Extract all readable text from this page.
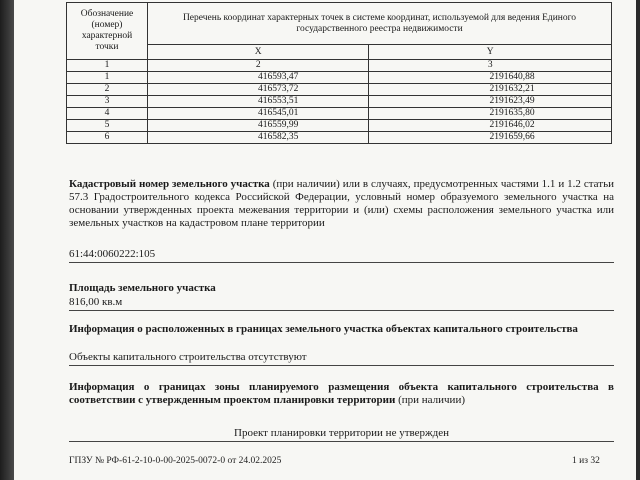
Обозначение (номер) характерной точки	Перечень координат характерных точек в системе координат, используемой для ведения Единого государственного реестра недвижимости	
	X	Y
1	2	3
1	416593,47	2191640,88
2	416573,72	2191632,21
3	416553,51	2191623,49
4	416545,01	2191635,80
5	416559,99	2191646,02
6	416582,35	2191659,66
Кадастровый номер земельного участка (при наличии) или в случаях, предусмотренных частями 1.1 и 1.2 статьи 57.3 Градостроительного кодекса Российской Федерации, условный номер образуемого земельного участка на основании утвержденных проекта межевания территории и (или) схемы расположения земельного участка или земельных участков на кадастровом плане территории
61:44:0060222:105
Площадь земельного участка
816,00 кв.м
Информация о расположенных в границах земельного участка объектах капитального строительства
Объекты капитального строительства отсутствуют
Информация о границах зоны планируемого размещения объекта капитального строительства в соответствии с утвержденным проектом планировки территории (при наличии)
Проект планировки территории не утвержден
ГПЗУ № РФ-61-2-10-0-00-2025-0072-0 от 24.02.2025	1 из 32
